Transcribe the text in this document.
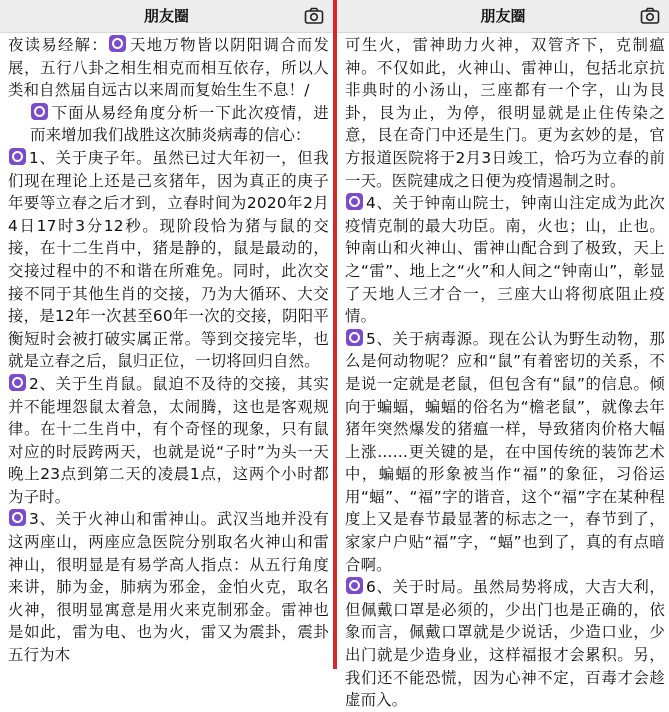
朋友圈

夜读易经解： 天地万物皆以阴阳调合而发展，五行八卦之相生相克而相互依存，所以人类和自然届自远古以来周而复始生生不息！/

下面从易经角度分析一下此次疫情，进而来增加我们战胜这次肺炎病毒的信心：

1、关于庚子年。虽然已过大年初一，但我们现在理论上还是己亥猪年，因为真正的庚子年要等立春之后才到，立春时间为2020年2月4日17时3分12秒。现阶段恰为猪与鼠的交接，在十二生肖中，猪是静的，鼠是最动的，交接过程中的不和谐在所难免。同时，此次交接不同于其他生肖的交接，乃为大循环、大交接，是12年一次甚至60年一次的交接，阴阳平衡短时会被打破实属正常。等到交接完毕，也就是立春之后，鼠归正位，一切将回归自然。

2、关于生肖鼠。鼠迫不及待的交接，其实并不能埋怨鼠太着急，太闹腾，这也是客观规律。在十二生肖中，有个奇怪的现象，只有鼠对应的时辰跨两天，也就是说“子时”为头一天晚上23点到第二天的凌晨1点，这两个小时都为子时。

3、关于火神山和雷神山。武汉当地并没有这两座山，两座应急医院分别取名火神山和雷神山，很明显是有易学高人指点：从五行角度来讲，肺为金，肺病为邪金，金怕火克，取名火神，很明显寓意是用火来克制邪金。雷神也是如此，雷为电、也为火，雷又为震卦，震卦五行为木

朋友圈

可生火，雷神助力火神，双管齐下，克制瘟神。不仅如此，火神山、雷神山，包括北京抗非典时的小汤山，三座都有一个字，山为艮卦，艮为止，为停，很明显就是止住传染之意，艮在奇门中还是生门。更为玄妙的是，官方报道医院将于2月3日竣工，恰巧为立春的前一天。医院建成之日便为疫情遏制之时。

4、关于钟南山院士，钟南山注定成为此次疫情克制的最大功臣。南，火也；山，止也。钟南山和火神山、雷神山配合到了极致，天上之“雷”、地上之“火”和人间之“钟南山”，彰显了天地人三才合一，三座大山将彻底阻止疫情。

5、关于病毒源。现在公认为野生动物，那么是何动物呢？应和“鼠”有着密切的关系，不是说一定就是老鼠，但包含有“鼠”的信息。倾向于蝙蝠，蝙蝠的俗名为“檐老鼠”，就像去年猪年突然爆发的猪瘟一样，导致猪肉价格大幅上涨……更关键的是，在中国传统的装饰艺术中，蝙蝠的形象被当作“福”的象征，习俗运用“蝠”、“福”字的谐音，这个“福”字在某种程度上又是春节最显著的标志之一，春节到了，家家户户贴“福”字，“蝠”也到了，真的有点暗合啊。

6、关于时局。虽然局势将成，大吉大利，但佩戴口罩是必须的，少出门也是正确的，依象而言，佩戴口罩就是少说话，少造口业，少出门就是少造身业，这样福报才会累积。另，我们还不能恐慌，因为心神不定，百毒才会趁虚而入。
